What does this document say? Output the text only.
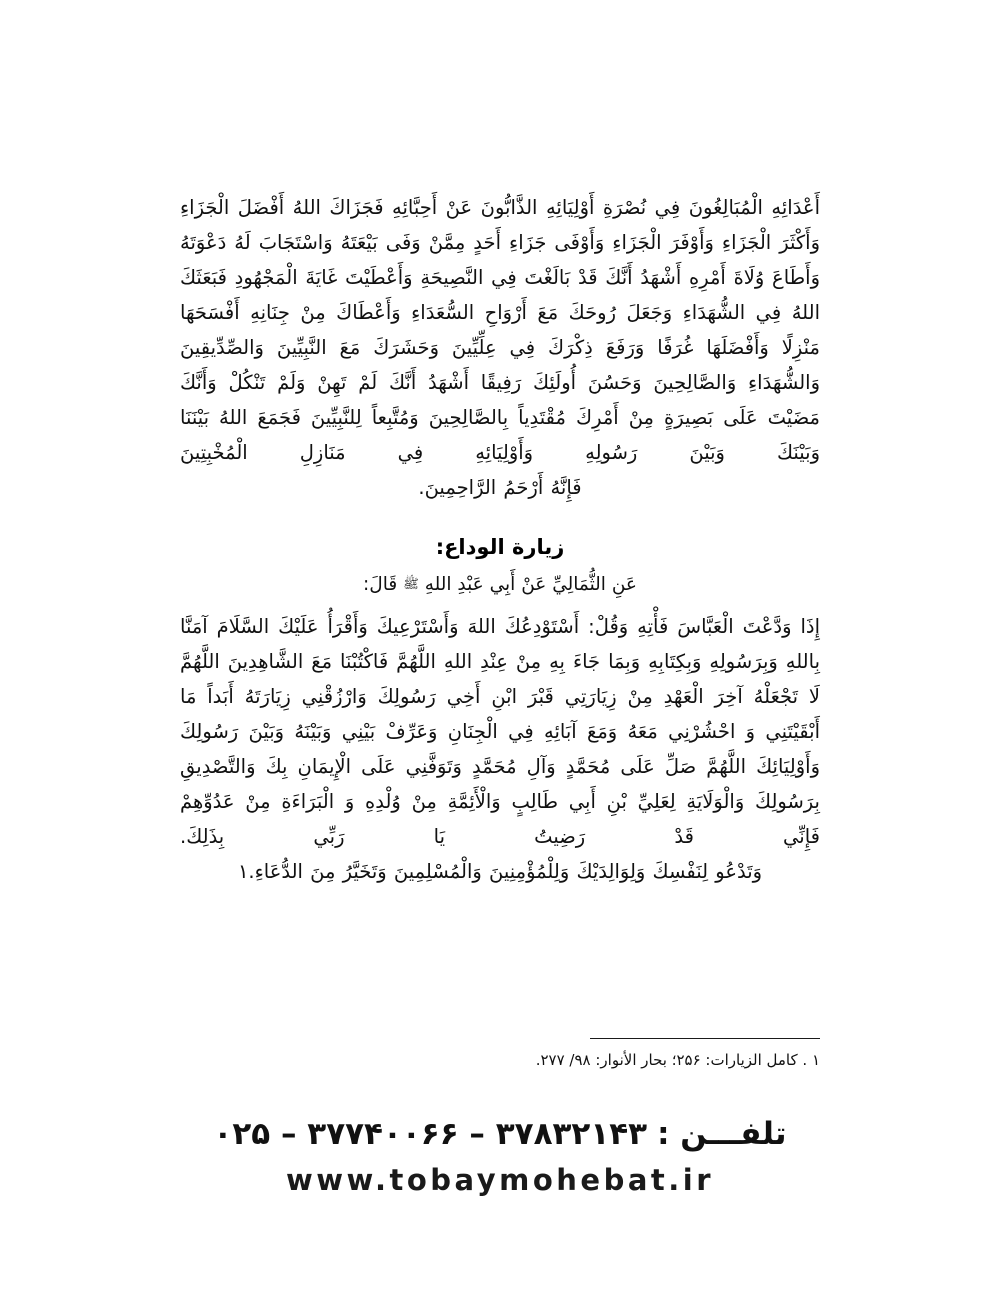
أَعْدَائِهِ الْمُبَالِغُونَ فِي نُصْرَةِ أَوْلِيَائِهِ الذَّابُّونَ عَنْ أَحِبَّائِهِ فَجَزَاكَ اللهُ أَفْضَلَ الْجَزَاءِ وَأَكْثَرَ الْجَزَاءِ وَأَوْفَرَ الْجَزَاءِ وَأَوْفَى جَزَاءِ أَحَدٍ مِمَّنْ وَفَى بَيْعَتَهُ وَاسْتَجَابَ لَهُ دَعْوَتَهُ وَأَطَاعَ وُلَاةَ أَمْرِهِ أَشْهَدُ أَنَّكَ قَدْ بَالَغْتَ فِي النَّصِيحَةِ وَأَعْطَيْتَ غَايَةَ الْمَجْهُودِ فَبَعَثَكَ اللهُ فِي الشُّهَدَاءِ وَجَعَلَ رُوحَكَ مَعَ أَرْوَاحِ السُّعَدَاءِ وَأَعْطَاكَ مِنْ جِنَانِهِ أَفْسَحَهَا مَنْزِلًا وَأَفْضَلَهَا غُرَفًا وَرَفَعَ ذِكْرَكَ فِي عِلِّيِّينَ وَحَشَرَكَ مَعَ النَّبِيِّينَ وَالصِّدِّيقِينَ وَالشُّهَدَاءِ وَالصَّالِحِينَ وَحَسُنَ أُولَئِكَ رَفِيقًا أَشْهَدُ أَنَّكَ لَمْ تَهِنْ وَلَمْ تَنْكُلْ وَأَنَّكَ مَضَيْتَ عَلَى بَصِيرَةٍ مِنْ أَمْرِكَ مُقْتَدِياً بِالصَّالِحِينَ وَمُتَّبِعاً لِلنَّبِيِّينَ فَجَمَعَ اللهُ بَيْنَنَا وَبَيْنَكَ وَبَيْنَ رَسُولِهِ وَأَوْلِيَائِهِ فِي مَنَازِلِ الْمُخْبِتِينَ

فَإِنَّهُ أَرْحَمُ الرَّاحِمِينَ.

زيارة الوداع:

عَنِ الثُّمَالِيِّ عَنْ أَبِي عَبْدِ اللهِ ﷺ قَالَ:

إِذَا وَدَّعْتَ الْعَبَّاسَ فَأْتِهِ وَقُلْ: أَسْتَوْدِعُكَ اللهَ وَأَسْتَرْعِيكَ وَأَقْرَأُ عَلَيْكَ السَّلَامَ آمَنَّا بِاللهِ وَبِرَسُولِهِ وَبِكِتَابِهِ وَبِمَا جَاءَ بِهِ مِنْ عِنْدِ اللهِ اللَّهُمَّ فَاكْتُبْنَا مَعَ الشَّاهِدِينَ اللَّهُمَّ لَا تَجْعَلْهُ آخِرَ الْعَهْدِ مِنْ زِيَارَتِي قَبْرَ ابْنِ أَخِي رَسُولِكَ وَارْزُقْنِي زِيَارَتَهُ أَبَداً مَا أَبْقَيْتَنِي وَ احْشُرْنِي مَعَهُ وَمَعَ آبَائِهِ فِي الْجِنَانِ وَعَرِّفْ بَيْنِي وَبَيْنَهُ وَبَيْنَ رَسُولِكَ وَأَوْلِيَائِكَ اللَّهُمَّ صَلِّ عَلَى مُحَمَّدٍ وَآلِ مُحَمَّدٍ وَتَوَفَّنِي عَلَى الْإِيمَانِ بِكَ وَالتَّصْدِيقِ بِرَسُولِكَ وَالْوَلَايَةِ لِعَلِيِّ بْنِ أَبِي طَالِبٍ وَالْأَئِمَّةِ مِنْ وُلْدِهِ وَ الْبَرَاءَةِ مِنْ عَدُوِّهِمْ فَإِنِّي قَدْ رَضِيتُ يَا رَبِّي بِذَلِكَ.

وَتَدْعُو لِنَفْسِكَ وَلِوَالِدَيْكَ وَلِلْمُؤْمِنِينَ وَالْمُسْلِمِينَ وَتَخَيَّرُ مِنَ الدُّعَاءِ.۱

۱ . كامل الزيارات: ۲۵۶؛ بحار الأنوار: ۹۸/ ۲۷۷.

تلفـــن :۰۲۵ – ۳۷۷۴۰۰۶۶ – ۳۷۸۳۲۱۴۳
www.tobaymohebat.ir
